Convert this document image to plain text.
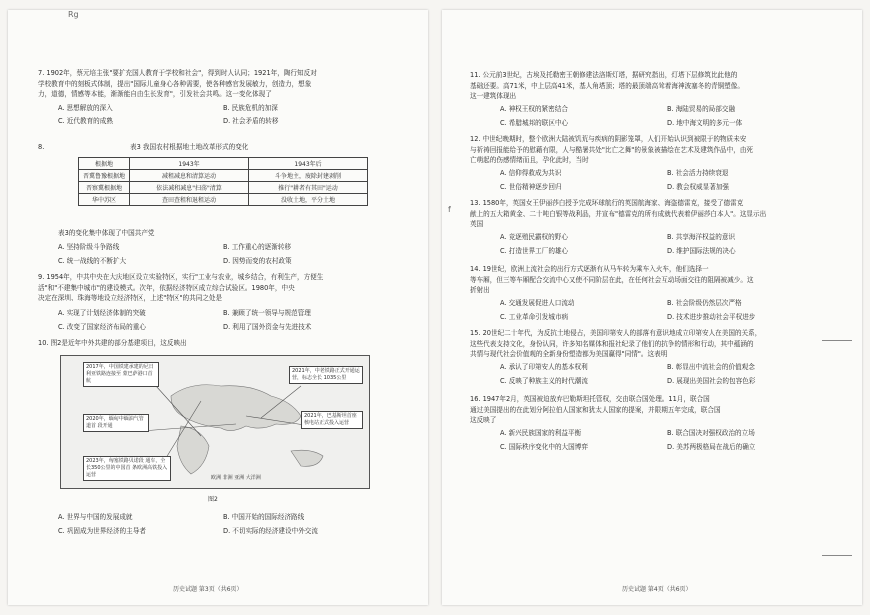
Rg
7. 1902年，蔡元培主张"要扩充国人教育于学校和社会"，得到时人认同；1921年，陶行知反对
学校教育中的刻板式体制，提出"国际儿童身心各种需要，使各种感官发展敏力，创造力，想象
力，道德，情感等本能，渐渐能自由生长发育"，引发社会共鸣。这一变化体现了
A. 思想解放的深入	B. 民族危机的加深
C. 近代教育的成熟	D. 社会矛盾的转移
8.	表3 我国农村根据地土地改革形式的变化
根据地	1943年	1943年后
晋冀鲁豫根据地	减租减息和清算运动	斗争地主，废除封建剥削
晋察冀根据地	依法减租减息"扫荡"清算	推行"耕者有其田"运动
华中苏区	查田查租和退租运动	没收土地，平分土地
表3的变化集中体现了中国共产党
A. 坚持阶级斗争路线	B. 工作重心的逐渐转移
C. 统一战线的不断扩大	D. 因势而变的农村政策
9. 1954年，中共中央在大庆地区设立实验特区，实行"工业与农业，城乡结合，有利生产，方便生
活"和"不建集中城市"的建设模式。次年，依据经济特区成立综合试验区。1980年，中央
决定在深圳、珠海等地设立经济特区，上述"特区"的共同之处是
A. 实现了计划经济体制的突破	B. 兼顾了统一领导与规范管理
C. 改变了国家经济布局的重心	D. 利用了国外资金与先进技术
10. 图2是近年中外共建的部分基建项目，这反映出
2017年，中国铁建承建的尼日利亚铁路连接至 蒙巴萨港口首航
2021年，中老铁路正式开通运营，标志全长 1035公里
2020年，缅甸中缅油气管道首 段开通
2021年，巴基斯坦首座 核电站正式投入运营
2023年，匈塞铁路贝诺段 通车，全长350公里的中国首 条欧洲高铁投入运营	欧洲 非洲 亚洲 大洋洲
图2
A. 世界与中国的发展成就	B. 中国开始的国际经济路线
C. 巩固成为世界经济的主导者	D. 不切实际的经济建设中外交流
历史试题 第3页（共6页）
11. 公元前3世纪，古埃及托勒密王朝修建法洛斯灯塔，据研究指出，灯塔下层修筑比此他的
基础还要。高71米，中上层高41米，基人角塔顶；塔的最顶端高耸着海神波塞冬的青铜塑像。
这一建筑体现出
A. 神权王权的紧密结合	B. 海陆贸易的局部交融
C. 希腊城邦的联区中心	D. 地中海文明的多元一体
12. 中世纪晚期时，整个欧洲大陆被饥荒与疾病的阴影笼罩，人们开始认识到被限于的物质未安
与祈祷回报能给予的慰藉有限，人与酷暑共处"比亡之舞"的景象被描绘在艺术及建筑作品中，由死
亡萌起的伤感情绪而且，孕化此时，当时
A. 信仰得救成为共识	B. 社会活力持续衰退
C. 世俗精神逐步回归	D. 教会权威显著加强
13. 1580年，英国女王伊丽莎白授予完成环球航行的英国航海家、海盗德雷克，接受了德雷克
献上的五大箱黄金、二十吨白银等战利品，并宣布"德雷克的所有成就代表着伊丽莎白本人"。这显示出
英国
A. 竞逐殖民霸权的野心	B. 共享海洋权益的意识
C. 打造世界工厂的雄心	D. 维护国际法规的决心
14. 19世纪，欧洲上流社会的出行方式逐渐有从马车转为乘车入火车，他们选择一
等车厢，但三等车厢配合交流中心又使不同阶层在此，在任何社会互动场面交往的阻隔被减少。这
折射出
A. 交通发展促进人口流动	B. 社会阶级仍然层次严格
C. 工业革命引发城市病	D. 技术进步推动社会平权进步
15. 20世纪二十年代，为反抗土地侵占，美国印第安人的部落有意识地成立印第安人在美国的关系，
这些代表支持文化，身份认同，许多知名媒体和报社纪录了他们的抗争的情形和行动，其中蕴涵的
共情与现代社会价值观的全新身份塑造都为美国赢得"同情"。这表明
A. 承认了印第安人的基本权利	B. 彰显出中流社会的价值观念
C. 反映了种族主义的时代潮流	D. 展现出美国社会的包容色彩
16. 1947年2月，英国被迫放弃巴勒斯坦托管权，交由联合国处理。11月，联合国
通过美国提出的在此划分阿拉伯人国家和犹太人国家的提案，并限期五年完成，联合国
这反映了
A. 新兴民族国家的利益平衡	B. 联合国决对强权政治的立场
C. 国际秩序变化中的大国博弈	D. 美苏两极格局在战后的确立
f
历史试题 第4页（共6页）
